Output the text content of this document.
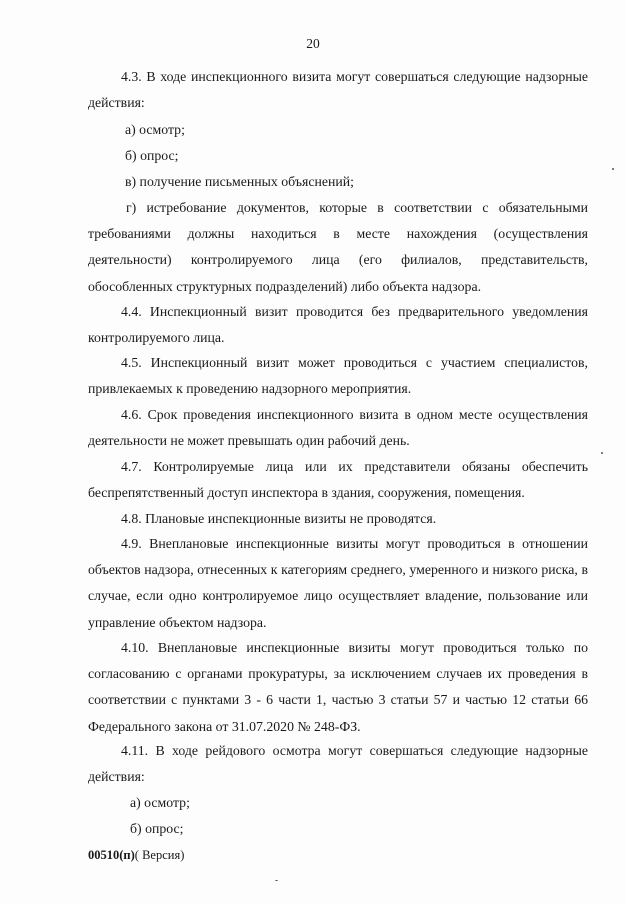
20

4.3. В ходе инспекционного визита могут совершаться следующие надзорные действия:

а) осмотр;
б) опрос;
в) получение письменных объяснений;

г) истребование документов, которые в соответствии с обязательными требованиями должны находиться в месте нахождения (осуществления деятельности) контролируемого лица (его филиалов, представительств, обособленных структурных подразделений) либо объекта надзора.

4.4. Инспекционный визит проводится без предварительного уведомления контролируемого лица.

4.5. Инспекционный визит может проводиться с участием специалистов, привлекаемых к проведению надзорного мероприятия.

4.6. Срок проведения инспекционного визита в одном месте осуществления деятельности не может превышать один рабочий день.

4.7. Контролируемые лица или их представители обязаны обеспечить беспрепятственный доступ инспектора в здания, сооружения, помещения.

4.8. Плановые инспекционные визиты не проводятся.

4.9. Внеплановые инспекционные визиты могут проводиться в отношении объектов надзора, отнесенных к категориям среднего, умеренного и низкого риска, в случае, если одно контролируемое лицо осуществляет владение, пользование или управление объектом надзора.

4.10. Внеплановые инспекционные визиты могут проводиться только по согласованию с органами прокуратуры, за исключением случаев их проведения в соответствии с пунктами 3 - 6 части 1, частью 3 статьи 57 и частью 12 статьи 66 Федерального закона от 31.07.2020 № 248-ФЗ.

4.11. В ходе рейдового осмотра могут совершаться следующие надзорные действия:

а) осмотр;
б) опрос;
00510(п)( Версия)
